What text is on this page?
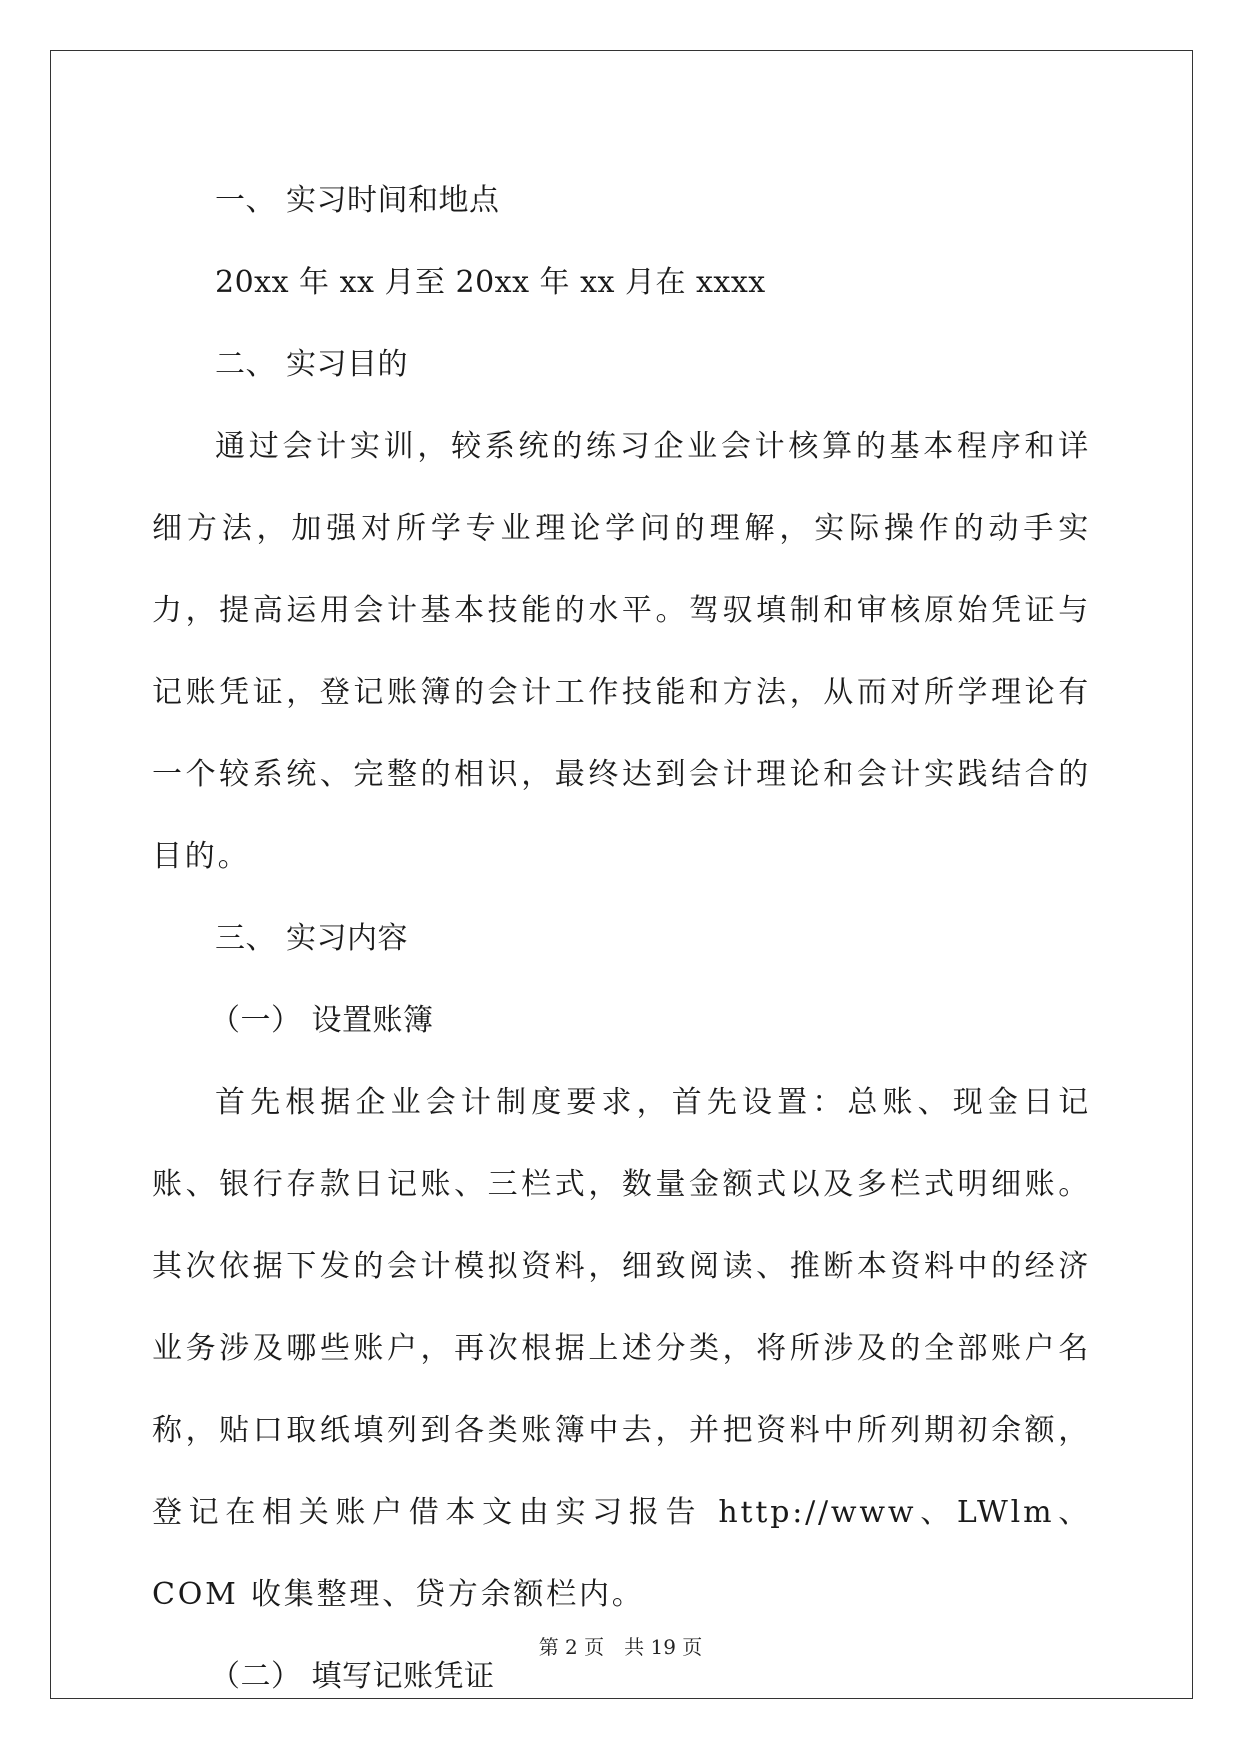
一、 实习时间和地点
20xx 年 xx 月至 20xx 年 xx 月在 xxxx
二、 实习目的

通过会计实训，较系统的练习企业会计核算的基本程序和详细方法，加强对所学专业理论学问的理解，实际操作的动手实力，提高运用会计基本技能的水平。驾驭填制和审核原始凭证与记账凭证，登记账簿的会计工作技能和方法，从而对所学理论有一个较系统、完整的相识，最终达到会计理论和会计实践结合的目的。

三、 实习内容
（一） 设置账簿

首先根据企业会计制度要求，首先设置：总账、现金日记账、银行存款日记账、三栏式，数量金额式以及多栏式明细账。其次依据下发的会计模拟资料，细致阅读、推断本资料中的经济业务涉及哪些账户，再次根据上述分类，将所涉及的全部账户名称，贴口取纸填列到各类账簿中去，并把资料中所列期初余额，登记在相关账户借本文由实习报告 http://www、LWlm、COM 收集整理、贷方余额栏内。

（二） 填写记账凭证
第 2 页　共 19 页
